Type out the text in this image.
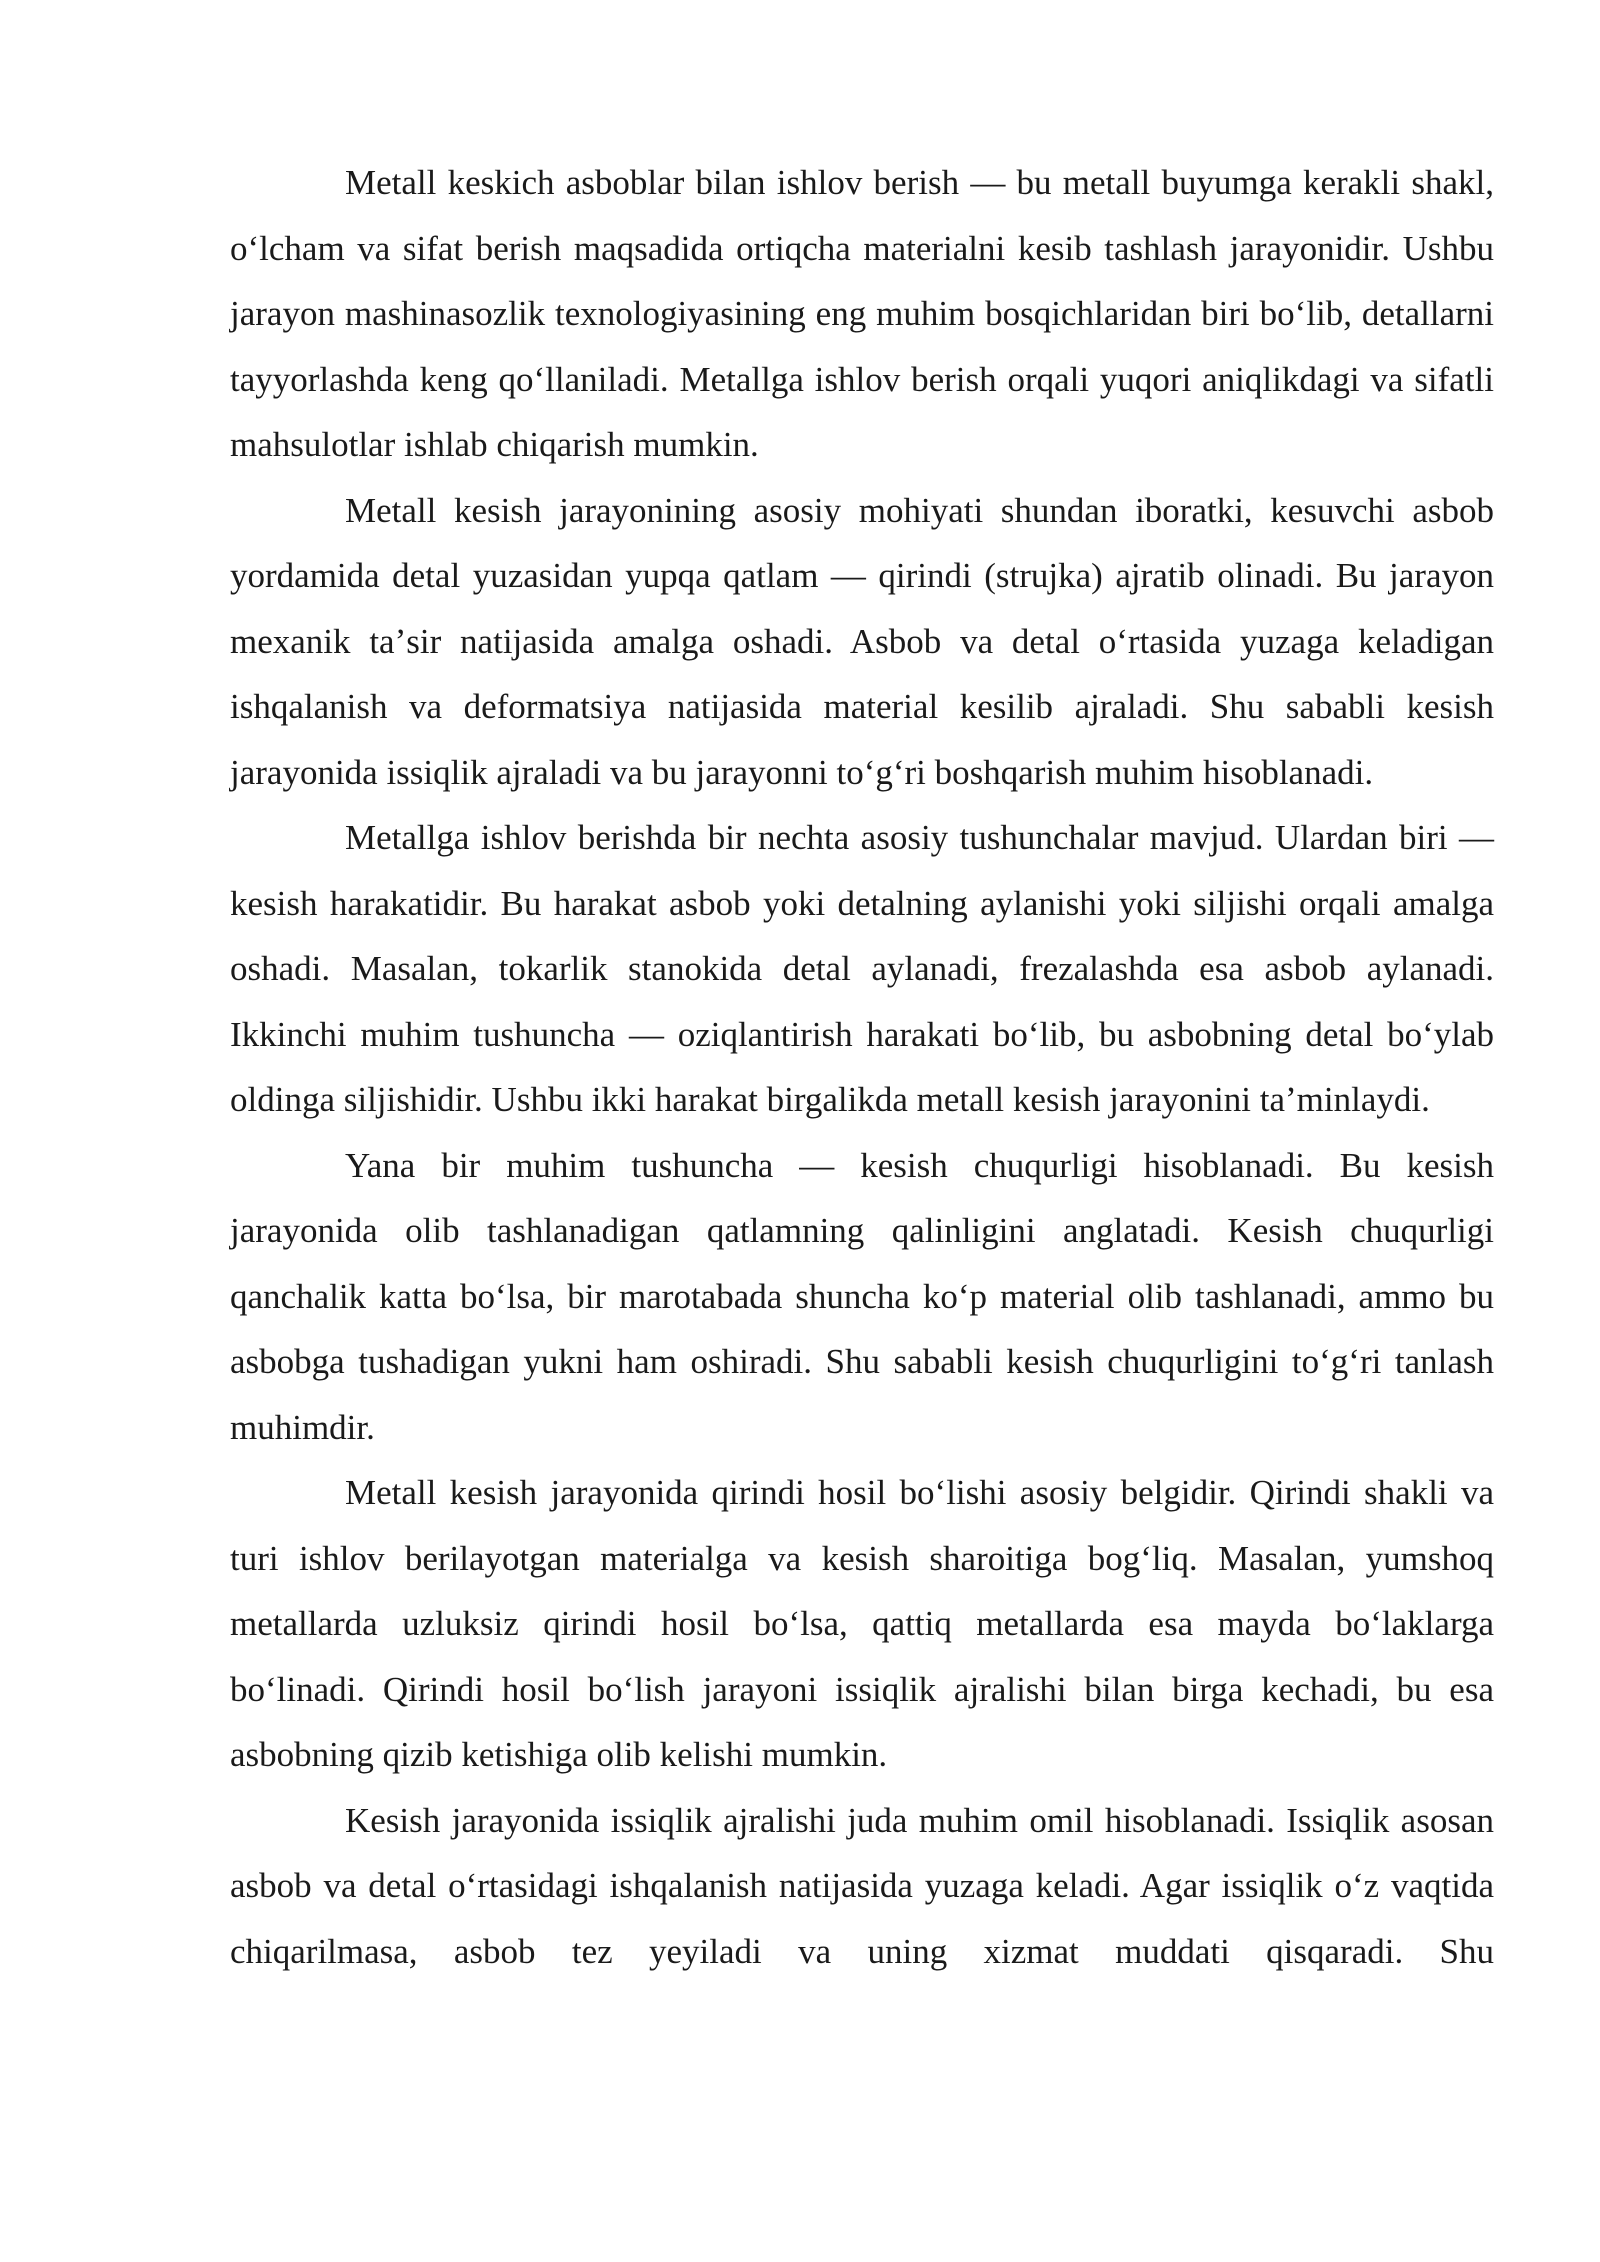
Metall keskich asboblar bilan ishlov berish — bu metall buyumga kerakli shakl, oʻlcham va sifat berish maqsadida ortiqcha materialni kesib tashlash jarayonidir. Ushbu jarayon mashinasozlik texnologiyasining eng muhim bosqichlaridan biri boʻlib, detallarni tayyorlashda keng qoʻllaniladi. Metallga ishlov berish orqali yuqori aniqlikdagi va sifatli mahsulotlar ishlab chiqarish mumkin.

Metall kesish jarayonining asosiy mohiyati shundan iboratki, kesuvchi asbob yordamida detal yuzasidan yupqa qatlam — qirindi (strujka) ajratib olinadi. Bu jarayon mexanik taʼsir natijasida amalga oshadi. Asbob va detal oʻrtasida yuzaga keladigan ishqalanish va deformatsiya natijasida material kesilib ajraladi. Shu sababli kesish jarayonida issiqlik ajraladi va bu jarayonni toʻgʻri boshqarish muhim hisoblanadi.

Metallga ishlov berishda bir nechta asosiy tushunchalar mavjud. Ulardan biri — kesish harakatidir. Bu harakat asbob yoki detalning aylanishi yoki siljishi orqali amalga oshadi. Masalan, tokarlik stanokida detal aylanadi, frezalashda esa asbob aylanadi. Ikkinchi muhim tushuncha — oziqlantirish harakati boʻlib, bu asbobning detal boʻylab oldinga siljishidir. Ushbu ikki harakat birgalikda metall kesish jarayonini taʼminlaydi.

Yana bir muhim tushuncha — kesish chuqurligi hisoblanadi. Bu kesish jarayonida olib tashlanadigan qatlamning qalinligini anglatadi. Kesish chuqurligi qanchalik katta boʻlsa, bir marotabada shuncha koʻp material olib tashlanadi, ammo bu asbobga tushadigan yukni ham oshiradi. Shu sababli kesish chuqurligini toʻgʻri tanlash muhimdir.

Metall kesish jarayonida qirindi hosil boʻlishi asosiy belgidir. Qirindi shakli va turi ishlov berilayotgan materialga va kesish sharoitiga bogʻliq. Masalan, yumshoq metallarda uzluksiz qirindi hosil boʻlsa, qattiq metallarda esa mayda boʻlaklarga boʻlinadi. Qirindi hosil boʻlish jarayoni issiqlik ajralishi bilan birga kechadi, bu esa asbobning qizib ketishiga olib kelishi mumkin.

Kesish jarayonida issiqlik ajralishi juda muhim omil hisoblanadi. Issiqlik asosan asbob va detal oʻrtasidagi ishqalanish natijasida yuzaga keladi. Agar issiqlik oʻz vaqtida chiqarilmasa, asbob tez yeyiladi va uning xizmat muddati qisqaradi. Shu
